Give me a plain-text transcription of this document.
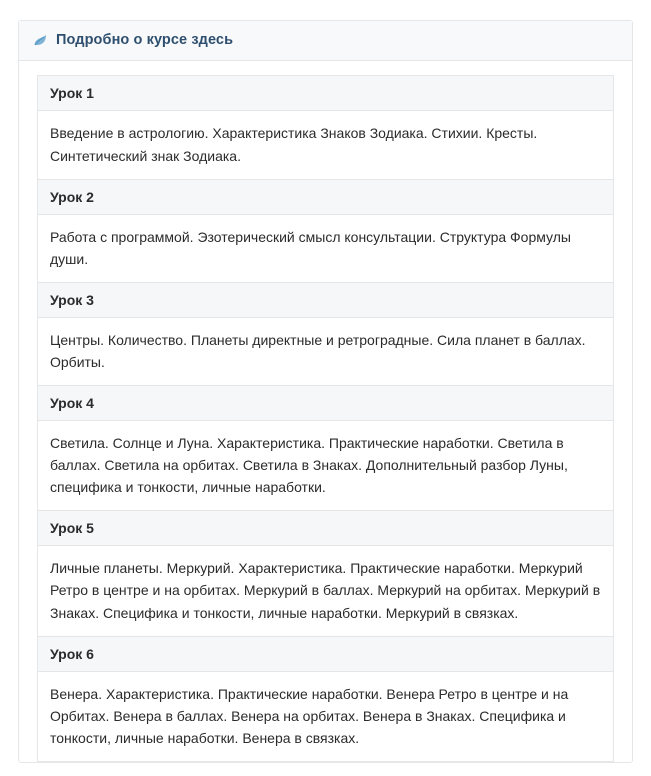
Подробно о курсе здесь
Урок 1
Введение в астрологию. Характеристика Знаков Зодиака. Стихии. Кресты. Синтетический знак Зодиака.
Урок 2
Работа с программой. Эзотерический смысл консультации. Структура Формулы души.
Урок 3
Центры. Количество. Планеты директные и ретроградные. Сила планет в баллах. Орбиты.
Урок 4
Светила. Солнце и Луна. Характеристика. Практические наработки. Светила в баллах. Светила на орбитах. Светила в Знаках. Дополнительный разбор Луны, специфика и тонкости, личные наработки.
Урок 5
Личные планеты. Меркурий. Характеристика. Практические наработки. Меркурий Ретро в центре и на орбитах. Меркурий в баллах. Меркурий на орбитах. Меркурий в Знаках. Специфика и тонкости, личные наработки. Меркурий в связках.
Урок 6
Венера. Характеристика. Практические наработки. Венера Ретро в центре и на Орбитах. Венера в баллах. Венера на орбитах. Венера в Знаках. Специфика и тонкости, личные наработки. Венера в связках.
